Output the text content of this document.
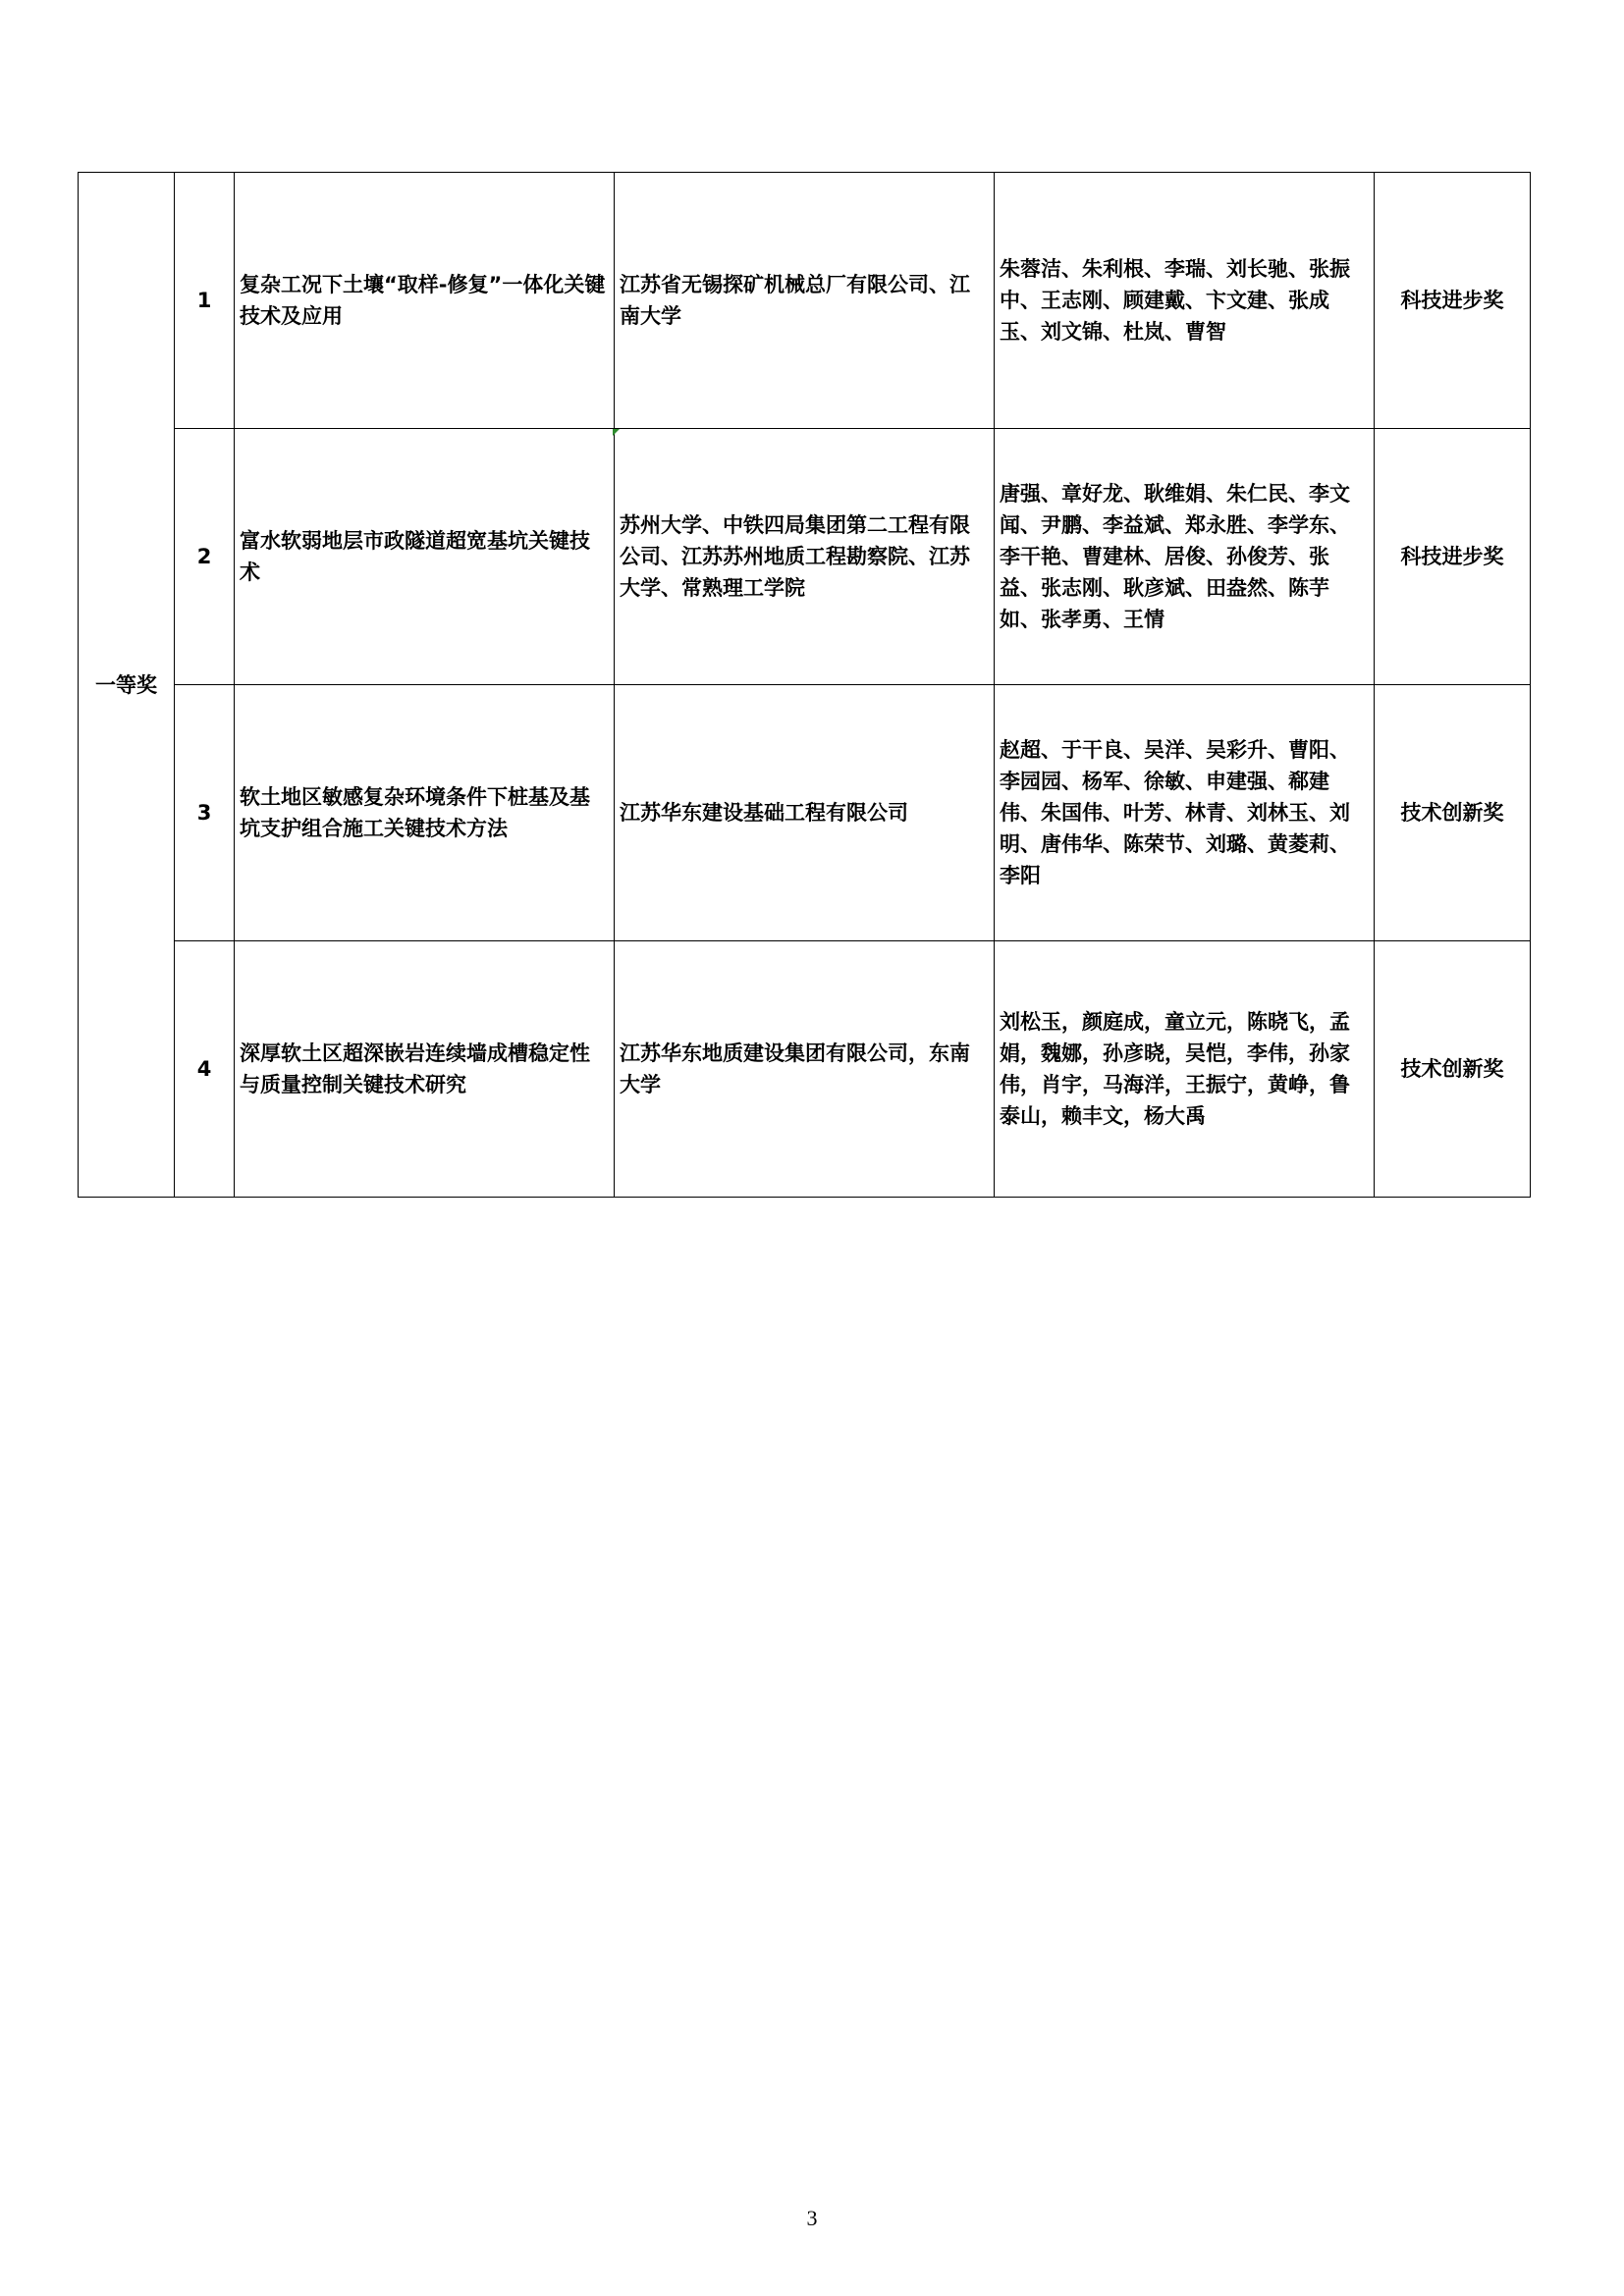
一等奖	1	复杂工况下土壤“取样-修复”一体化关键技术及应用	江苏省无锡探矿机械总厂有限公司、江南大学	朱蓉洁、朱利根、李瑞、刘长驰、张振中、王志刚、顾建戴、卞文建、张成玉、刘文锦、杜岚、曹智	科技进步奖
	2	富水软弱地层市政隧道超宽基坑关键技术	苏州大学、中铁四局集团第二工程有限公司、江苏苏州地质工程勘察院、江苏大学、常熟理工学院	唐强、章好龙、耿维娟、朱仁民、李文闻、尹鹏、李益斌、郑永胜、李学东、李干艳、曹建林、居俊、孙俊芳、张益、张志刚、耿彦斌、田盎然、陈芋如、张孝勇、王情	科技进步奖
	3	软土地区敏感复杂环境条件下桩基及基坑支护组合施工关键技术方法	江苏华东建设基础工程有限公司	赵超、于干良、吴洋、吴彩升、曹阳、李园园、杨军、徐敏、申建强、郗建伟、朱国伟、叶芳、林青、刘林玉、刘明、唐伟华、陈荣节、刘璐、黄菱莉、李阳	技术创新奖
	4	深厚软土区超深嵌岩连续墙成槽稳定性与质量控制关键技术研究	江苏华东地质建设集团有限公司，东南大学	刘松玉，颜庭成，童立元，陈晓飞，孟娟，魏娜，孙彦晓，吴恺，李伟，孙家伟，肖宇，马海洋，王振宁，黄峥，鲁泰山，赖丰文，杨大禹	技术创新奖
3
